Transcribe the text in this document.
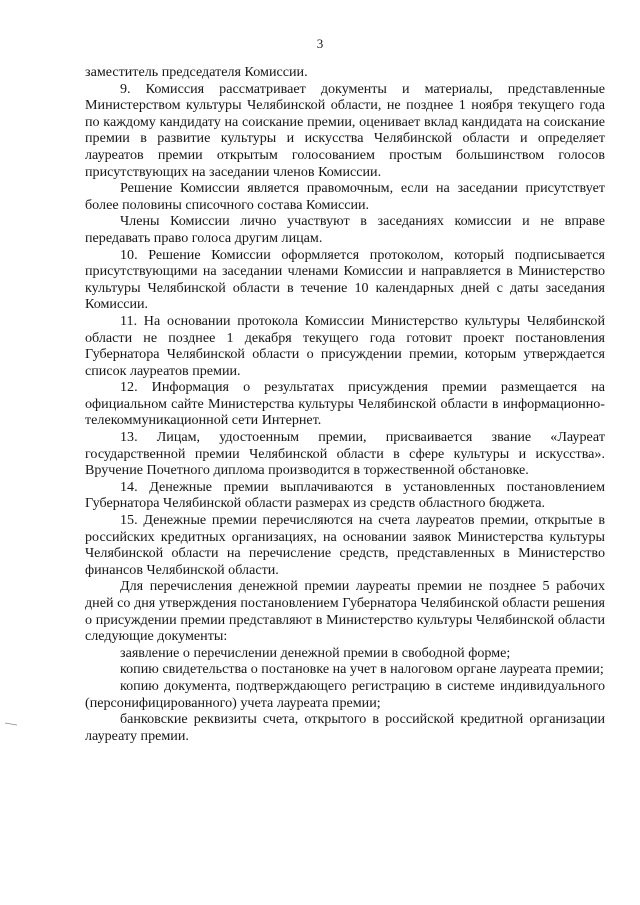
3

заместитель председателя Комиссии.

9. Комиссия рассматривает документы и материалы, представленные Министерством культуры Челябинской области, не позднее 1 ноября текущего года по каждому кандидату на соискание премии, оценивает вклад кандидата на соискание премии в развитие культуры и искусства Челябинской области и определяет лауреатов премии открытым голосованием простым большинством голосов присутствующих на заседании членов Комиссии.

Решение Комиссии является правомочным, если на заседании присутствует более половины списочного состава Комиссии.

Члены Комиссии лично участвуют в заседаниях комиссии и не вправе передавать право голоса другим лицам.

10. Решение Комиссии оформляется протоколом, который подписывается присутствующими на заседании членами Комиссии и направляется в Министерство культуры Челябинской области в течение 10 календарных дней с даты заседания Комиссии.

11. На основании протокола Комиссии Министерство культуры Челябинской области не позднее 1 декабря текущего года готовит проект постановления Губернатора Челябинской области о присуждении премии, которым утверждается список лауреатов премии.

12. Информация о результатах присуждения премии размещается на официальном сайте Министерства культуры Челябинской области в информационно-телекоммуникационной сети Интернет.

13. Лицам, удостоенным премии, присваивается звание «Лауреат государственной премии Челябинской области в сфере культуры и искусства». Вручение Почетного диплома производится в торжественной обстановке.

14. Денежные премии выплачиваются в установленных постановлением Губернатора Челябинской области размерах из средств областного бюджета.

15. Денежные премии перечисляются на счета лауреатов премии, открытые в российских кредитных организациях, на основании заявок Министерства культуры Челябинской области на перечисление средств, представленных в Министерство финансов Челябинской области.

Для перечисления денежной премии лауреаты премии не позднее 5 рабочих дней со дня утверждения постановлением Губернатора Челябинской области решения о присуждении премии представляют в Министерство культуры Челябинской области следующие документы:

заявление о перечислении денежной премии в свободной форме;

копию свидетельства о постановке на учет в налоговом органе лауреата премии;

копию документа, подтверждающего регистрацию в системе индивидуального (персонифицированного) учета лауреата премии;

банковские реквизиты счета, открытого в российской кредитной организации лауреату премии.
